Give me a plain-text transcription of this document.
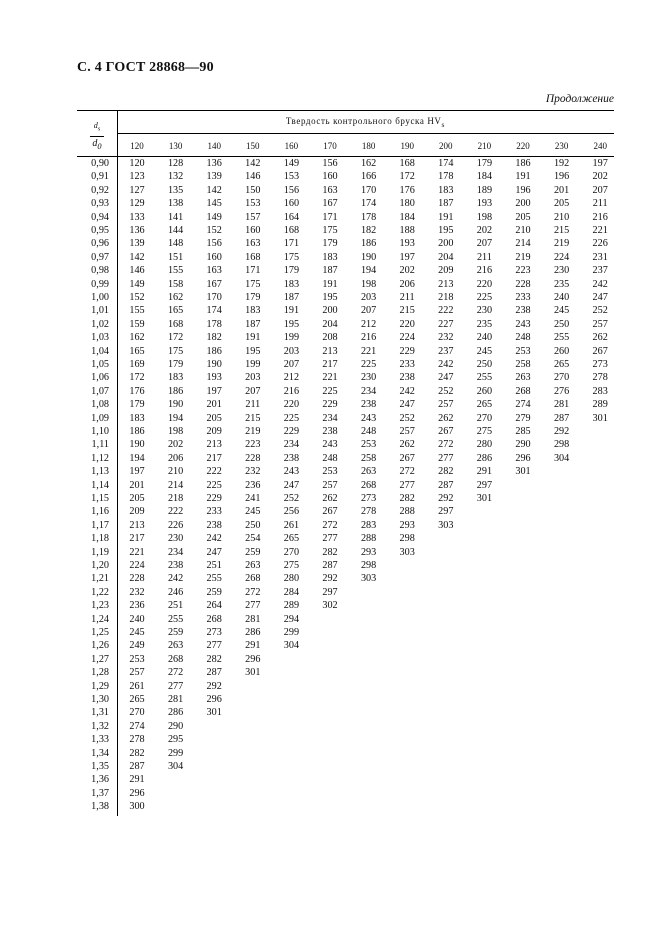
С. 4 ГОСТ 28868—90
Продолжение
$d_s$
$d_0$
Твердость контрольного бруска $HV_s$
120	130	140	150	160	170	180	190	200	210	220	230	240
0,90	120	128	136	142	149	156	162	168	174	179	186	192	197
0,91	123	132	139	146	153	160	166	172	178	184	191	196	202
0,92	127	135	142	150	156	163	170	176	183	189	196	201	207
0,93	129	138	145	153	160	167	174	180	187	193	200	205	211
0,94	133	141	149	157	164	171	178	184	191	198	205	210	216
0,95	136	144	152	160	168	175	182	188	195	202	210	215	221
0,96	139	148	156	163	171	179	186	193	200	207	214	219	226
0,97	142	151	160	168	175	183	190	197	204	211	219	224	231
0,98	146	155	163	171	179	187	194	202	209	216	223	230	237
0,99	149	158	167	175	183	191	198	206	213	220	228	235	242
1,00	152	162	170	179	187	195	203	211	218	225	233	240	247
1,01	155	165	174	183	191	200	207	215	222	230	238	245	252
1,02	159	168	178	187	195	204	212	220	227	235	243	250	257
1,03	162	172	182	191	199	208	216	224	232	240	248	255	262
1,04	165	175	186	195	203	213	221	229	237	245	253	260	267
1,05	169	179	190	199	207	217	225	233	242	250	258	265	273
1,06	172	183	193	203	212	221	230	238	247	255	263	270	278
1,07	176	186	197	207	216	225	234	242	252	260	268	276	283
1,08	179	190	201	211	220	229	238	247	257	265	274	281	289
1,09	183	194	205	215	225	234	243	252	262	270	279	287	301
1,10	186	198	209	219	229	238	248	257	267	275	285	292
1,11	190	202	213	223	234	243	253	262	272	280	290	298
1,12	194	206	217	228	238	248	258	267	277	286	296	304
1,13	197	210	222	232	243	253	263	272	282	291	301
1,14	201	214	225	236	247	257	268	277	287	297
1,15	205	218	229	241	252	262	273	282	292	301
1,16	209	222	233	245	256	267	278	288	297
1,17	213	226	238	250	261	272	283	293	303
1,18	217	230	242	254	265	277	288	298
1,19	221	234	247	259	270	282	293	303
1,20	224	238	251	263	275	287	298
1,21	228	242	255	268	280	292	303
1,22	232	246	259	272	284	297
1,23	236	251	264	277	289	302
1,24	240	255	268	281	294
1,25	245	259	273	286	299
1,26	249	263	277	291	304
1,27	253	268	282	296
1,28	257	272	287	301
1,29	261	277	292
1,30	265	281	296
1,31	270	286	301
1,32	274	290
1,33	278	295
1,34	282	299
1,35	287	304
1,36	291
1,37	296
1,38	300
